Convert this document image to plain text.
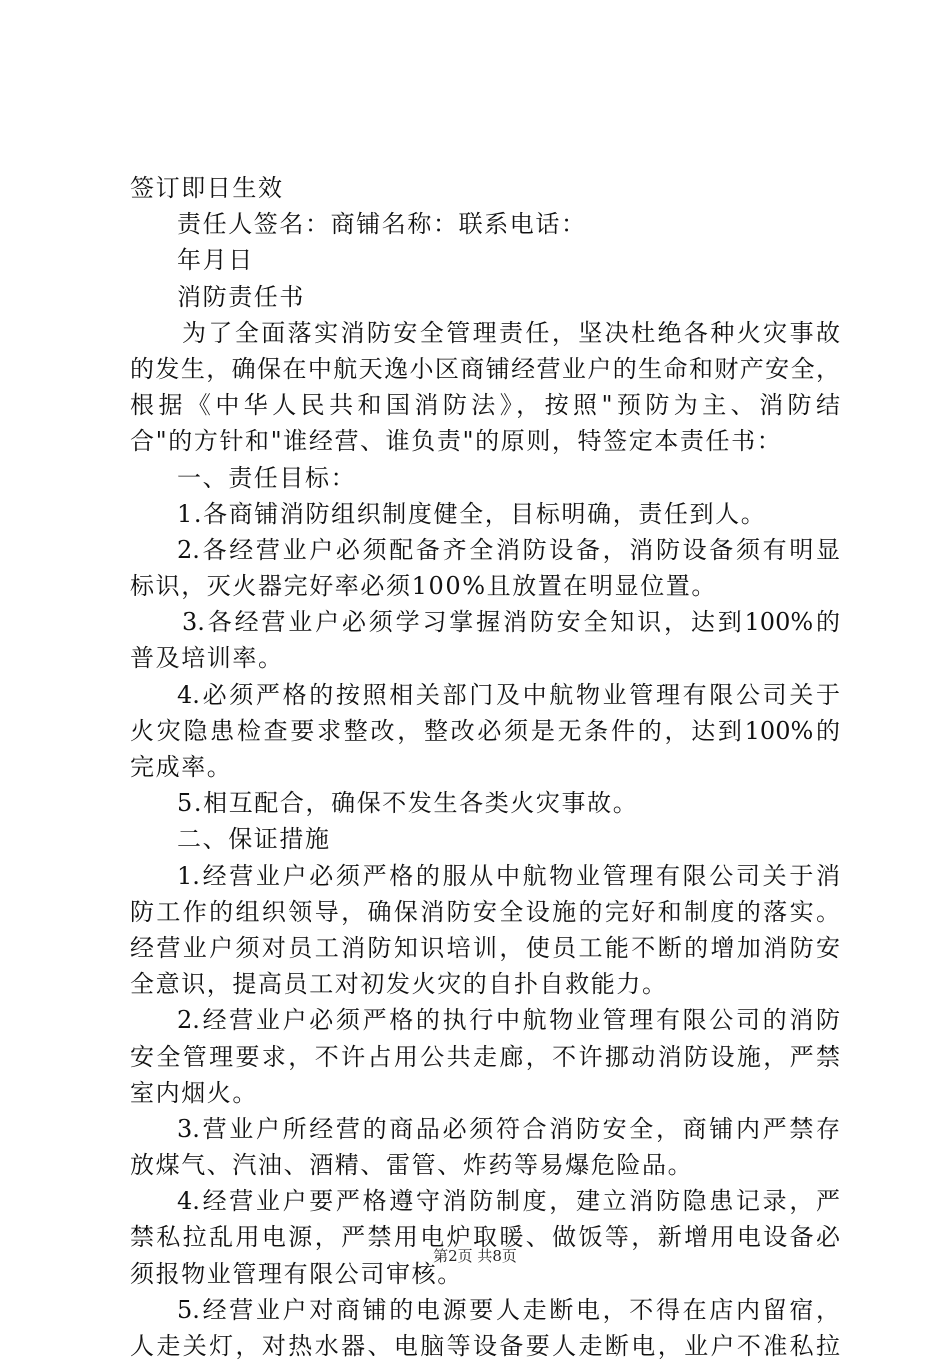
签订即日生效
责任人签名：商铺名称：联系电话：
年月日
消防责任书
为了全面落实消防安全管理责任，坚决杜绝各种火灾事故
的发生，确保在中航天逸小区商铺经营业户的生命和财产安全，
根据《中华人民共和国消防法》，按照"预防为主、消防结
合"的方针和"谁经营、谁负责"的原则，特签定本责任书：
一、责任目标：
1.各商铺消防组织制度健全，目标明确，责任到人。
2.各经营业户必须配备齐全消防设备，消防设备须有明显
标识，灭火器完好率必须100%且放置在明显位置。
3.各经营业户必须学习掌握消防安全知识，达到100%的
普及培训率。
4.必须严格的按照相关部门及中航物业管理有限公司关于
火灾隐患检查要求整改，整改必须是无条件的，达到100%的
完成率。
5.相互配合，确保不发生各类火灾事故。
二、保证措施
1.经营业户必须严格的服从中航物业管理有限公司关于消
防工作的组织领导，确保消防安全设施的完好和制度的落实。
经营业户须对员工消防知识培训，使员工能不断的增加消防安
全意识，提高员工对初发火灾的自扑自救能力。
2.经营业户必须严格的执行中航物业管理有限公司的消防
安全管理要求，不许占用公共走廊，不许挪动消防设施，严禁
室内烟火。
3.营业户所经营的商品必须符合消防安全，商铺内严禁存
放煤气、汽油、酒精、雷管、炸药等易爆危险品。
4.经营业户要严格遵守消防制度，建立消防隐患记录，严
禁私拉乱用电源，严禁用电炉取暖、做饭等，新增用电设备必
须报物业管理有限公司审核。
5.经营业户对商铺的电源要人走断电，不得在店内留宿，
人走关灯，对热水器、电脑等设备要人走断电，业户不准私拉
第2页 共8页
